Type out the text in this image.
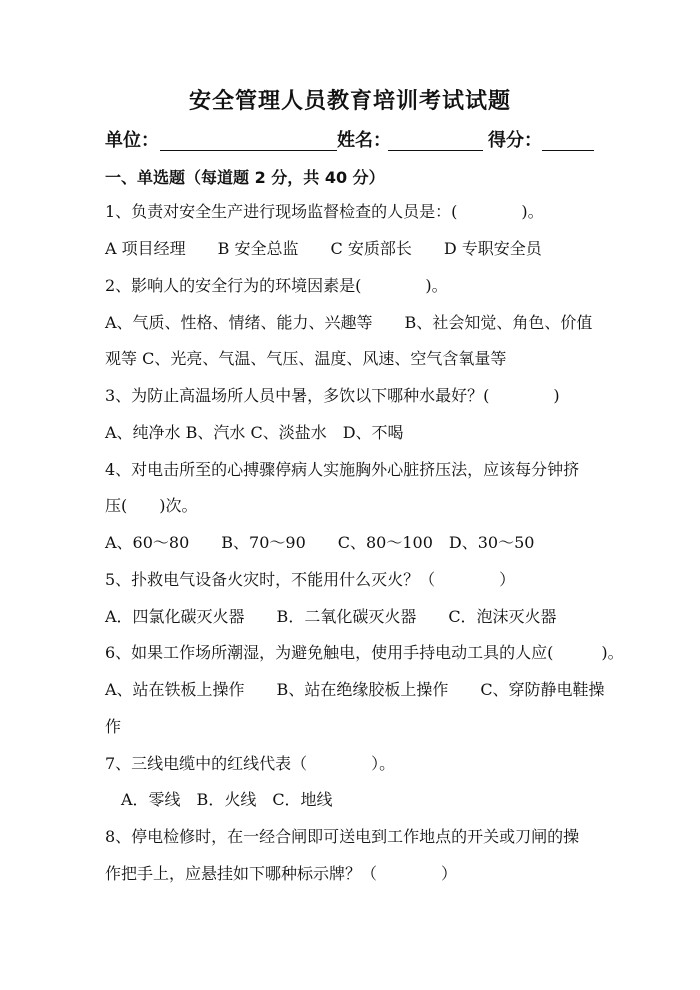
安全管理人员教育培训考试试题
单位：	姓名：	得分：
一、单选题（每道题 2 分，共 40 分）
1、负责对安全生产进行现场监督检查的人员是：(　　　　)。
A 项目经理　　B 安全总监　　C 安质部长　　D 专职安全员
2、影响人的安全行为的环境因素是(　　　　)。
A、气质、性格、情绪、能力、兴趣等　　B、社会知觉、角色、价值
观等 C、光亮、气温、气压、温度、风速、空气含氧量等
3、为防止高温场所人员中暑，多饮以下哪种水最好？(　　　　)
A、纯净水 B、汽水 C、淡盐水　D、不喝
4、对电击所至的心搏骤停病人实施胸外心脏挤压法，应该每分钟挤
压(　　)次。
A、60～80　　B、70～90　　C、80～100　D、30～50
5、扑救电气设备火灾时，不能用什么灭火？（　　　　）
A．四氯化碳灭火器　　B．二氧化碳灭火器　　C．泡沫灭火器
6、如果工作场所潮湿，为避免触电，使用手持电动工具的人应(　　　)。
A、站在铁板上操作　　B、站在绝缘胶板上操作　　C、穿防静电鞋操
作
7、三线电缆中的红线代表（　　　　）。
　A．零线　B．火线　C．地线
8、停电检修时，在一经合闸即可送电到工作地点的开关或刀闸的操
作把手上，应悬挂如下哪种标示牌？（　　　　）
